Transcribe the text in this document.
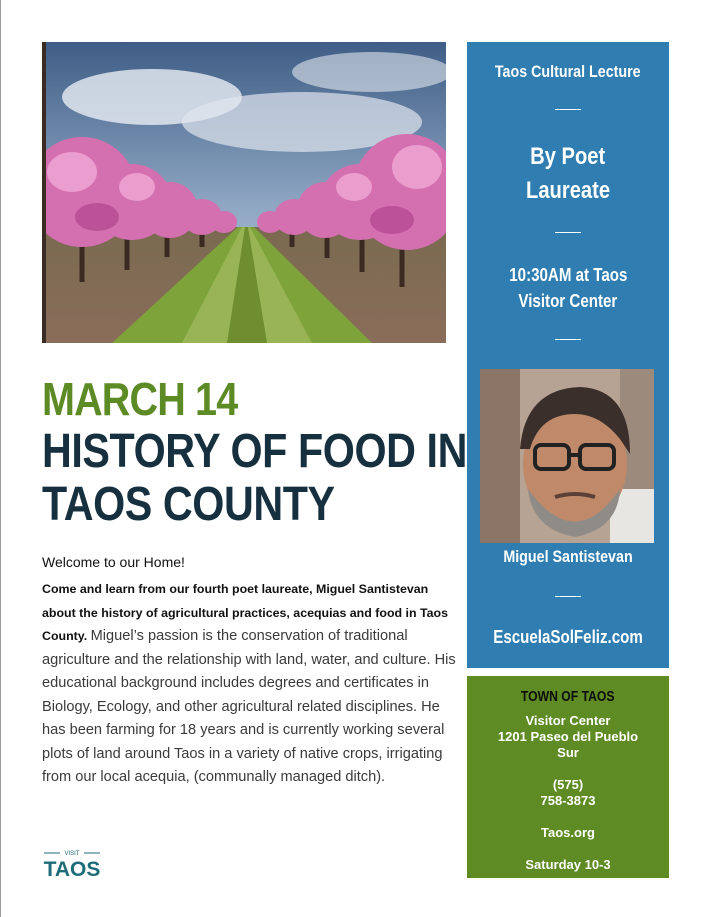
MARCH 14
HISTORY OF FOOD IN
TAOS COUNTY
Welcome to our Home!
Come and learn from our fourth poet laureate, Miguel Santistevan about the history of agricultural practices, acequias and food in Taos County. Miguel’s passion is the conservation of traditional agriculture and the relationship with land, water, and culture. His educational background includes degrees and certificates in Biology, Ecology, and other agricultural related disciplines. He has been farming for 18 years and is currently working several plots of land around Taos in a variety of native crops, irrigating from our local acequia, (communally managed ditch).
Taos Cultural Lecture
By Poet
Laureate
10:30AM at Taos
Visitor Center
Miguel Santistevan
EscuelaSolFeliz.com
TOWN OF TAOS
Visitor Center
1201 Paseo del Pueblo
Sur
(575)
758-3873
Taos.org
Saturday 10-3
VISIT
TAOS
